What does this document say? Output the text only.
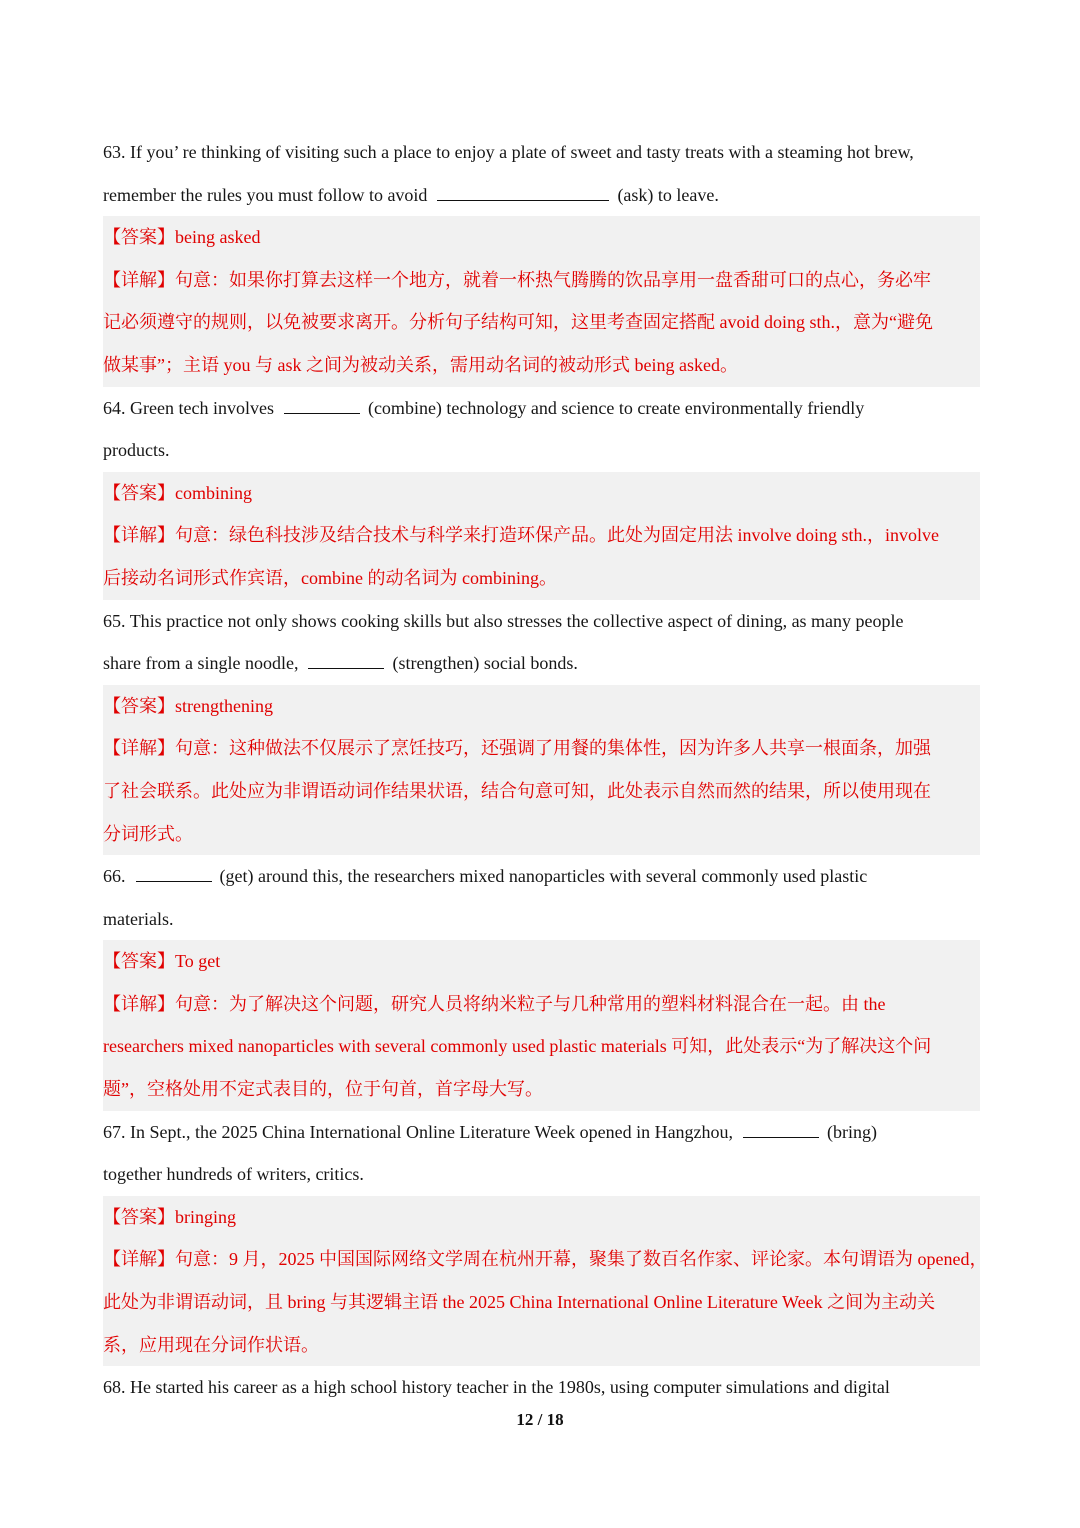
63. If you’ re thinking of visiting such a place to enjoy a plate of sweet and tasty treats with a steaming hot brew,
remember the rules you must follow to avoid	(ask) to leave.
【答案】being asked
【详解】句意：如果你打算去这样一个地方，就着一杯热气腾腾的饮品享用一盘香甜可口的点心，务必牢
记必须遵守的规则，以免被要求离开。分析句子结构可知，这里考查固定搭配 avoid doing sth.，意为“避免
做某事”；主语 you 与 ask 之间为被动关系，需用动名词的被动形式 being asked。
64. Green tech involves	(combine) technology and science to create environmentally friendly
products.
【答案】combining
【详解】句意：绿色科技涉及结合技术与科学来打造环保产品。此处为固定用法 involve doing sth.，involve
后接动名词形式作宾语，combine 的动名词为 combining。
65. This practice not only shows cooking skills but also stresses the collective aspect of dining, as many people
share from a single noodle,	(strengthen) social bonds.
【答案】strengthening
【详解】句意：这种做法不仅展示了烹饪技巧，还强调了用餐的集体性，因为许多人共享一根面条，加强
了社会联系。此处应为非谓语动词作结果状语，结合句意可知，此处表示自然而然的结果，所以使用现在
分词形式。
66.	(get) around this, the researchers mixed nanoparticles with several commonly used plastic
materials.
【答案】To get
【详解】句意：为了解决这个问题，研究人员将纳米粒子与几种常用的塑料材料混合在一起。由 the
researchers mixed nanoparticles with several commonly used plastic materials 可知，此处表示“为了解决这个问
题”，空格处用不定式表目的，位于句首，首字母大写。
67. In Sept., the 2025 China International Online Literature Week opened in Hangzhou,	(bring)
together hundreds of writers, critics.
【答案】bringing
【详解】句意：9 月，2025 中国国际网络文学周在杭州开幕，聚集了数百名作家、评论家。本句谓语为 opened，
此处为非谓语动词，且 bring 与其逻辑主语 the 2025 China International Online Literature Week 之间为主动关
系，应用现在分词作状语。
68. He started his career as a high school history teacher in the 1980s, using computer simulations and digital
12 / 18
